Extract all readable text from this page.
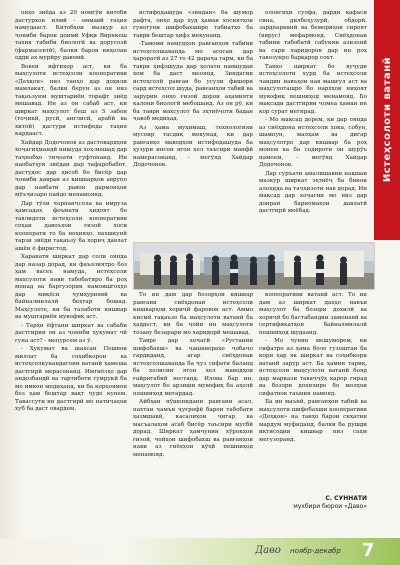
Истеҳсолоти ватанӣ

онҳо зиёда аз 20 номгӯи китоби дастурхон илмӣ - оммавӣ таҳия намудааст. Китобҳои мазкур аз ҷониби барои доимӣ Уфқи Вирнкеш тахия табиби биологӣ ва дорусозӣ (фармасевтӣ), балки барои ниҳолан одди аҳ мурйру давомӣ.

Вовеи ифтихор аст, ки ба маҳсулоти истеҳсоли кооперативи «Дехқон» низ танҳо дар доҳили мамлакат, балки берун аз он низ тақаъзуюи муштариён торафт зиёд мешавад. Ин аз он сабаб аст, ки ширкат маҳсулот беш аз 5 забон (тоҷикӣ, русӣ, англисӣ, арабӣ ва хитоӣ) дастури истифода таҳия кардааст.

Хайдар Додочонов аз дастовардҳои хоҷагиҳмандӣ нишуда хоҳ-мешад дар таҷнобҳо тиҷоати гуфтонанд. Ин наобатҳуи зиёдан дар тафаробабот, дастудос дар ҳисоб бо бисёр дар ҷониби давраи аз кишварҳои аврупо дар навбати равон дармонҳои мӯъҷизаро пайдо менамоянд.

Дар тӯли чорпанҷсола ва имруза ҳамсадаҳ фоъмати ҳидоят бо тавлидоти истеҳсоли кооперативи соҳаи давоъхои ғизоӣ хоси кооперати то ба ноҳияҳо, пахшкунӣ тарзи зиёди тақаъзу ба хориҷ давлат ашён ё фиристод.

Харакати ширкат дар соли оянда дар назар дорад, ки фаъолиятро боз ҳам васеъ намуда, истеҳсоли маҳсулоти нави табобатиро ба роҳ монад ва баргузории намоишгоҳҳо дар миқёси ҷумҳуриявӣ ва байналмилалӣ беҳтар бошад. Маҳсулоте, ки ба талаботи кишвар ва муштариён мувофиқ аст.

- Тарҳи ёфтани ширкат ва сабаби дастгирии он аз ҷониби ҳукумат чӣ гуна аст? - мепурсем аз ӯ.

- Ҳукумат ва шахсан Пешвои миллат ба соҳибкорон ва истеҳсолкунандагони ватанӣ ҳамеша дастгирӣ мерасонанд. Имтиёзҳо дар андозбандӣ ва тартиботи гумрукӣ ба мо имкон медиҳанд, ки ба корҳоямон боз ҳам бештар вақт ҷудо кунем. Тавассути ин дастгирӣ мо натиҷаҳои хуб ба даст овардем.

истифодашуда «зиндаи» ба шумор рафта, онҳо дар худ ҳамаи хосиятҳои гуногуни шифобахширо табиатҳо ба таври бештар ҳифз мекунанд.

-Тамоми намудҳои равғанҳои табиии истеҳсолшаванда мо асосан дар ҳароратӣ аз 27 то 42 дараҷа гарм, ки ба таври ҳифзшуда дар ҳолати навшудаи хом ба даст меоянд. Зиндагии истеҳсолӣ равған бо усули фишори сард истеҳсол шуда, равғанҳои табиӣ ва зарурии онҳо ғизоӣ дорои аҳамияти калони биологӣ мебошанд. Аз он рӯ, ки ба таври маҳсулот ба эҳтиёҷоти бадан ҷавоб медиҳад.

Аз ҳама муҳимаш, технологияи мусоир тасдиқ мекунад, ки дар равғанҳо маводҳои истифодашуда ба ҳузури инсон ягон хел таъсири манфӣ намерасонанд, - мегӯяд Хайдар Додочонов.

олонгиҳи сулфа, дарди қафаси сина, дилбеҳузурӣ, обдорӣ, зардпарвинӣ ва бемориҳои сироят (вирус) мефармояд. Сиёҳдонаи табиии табобатӣ сабукии азизонӣ ва сари харидорон дар ин роҳ тавозунро барқарор сохт.

Танҳо ширкат бо вуҷуди истеҳсолоти хурд ба истеҳсоли чандин навъҳои нав машғул аст ва маҳсулоташро бо нархҳои ниҳоят мувофиқ пешниҳод менамояд. Бо мақсади дастгирии ҷомеа ҳамаи ин кор сурат мегирад.

- Мо мақсад дорем, ки дар оянда аз сиёҳдона истеҳсоли хока, собун, шампун, малҳам ва дигар маҳсулотро дар кишвар ба роҳ монем ва ба содироти он шурӯъ намоем, - мегӯяд Хайдар Додочонов.

Дар суръати амалишавии нақшаи мазкур ширкат эҳтиёҷ ба бинои алоҳида ва таҷҳизоти нав дорад. Ин мақсад дар хоҷагии мо низ дар доираи барномаҳои давлатӣ дастгирӣ меёбад.

То ин дам дар бозорҳои кишвар равғани сиёҳдонаи истеҳсоли кишварҳои хориҷӣ фаровон аст. Аммо кисмӣ тақаъзо ба маҳсулоти ватанӣ ба ҳаддест, ки ба ҷойи ин маҳсулоти тозаву безарари мо харидорӣ мешавад.

Тавре дар хоҷагӣ «Рустании шифобахш» ва ҷашнвораҳо ҷобаҷо гардиданд, агар сиёҳдонаи истеҳсолшаванда ба ҷуз сифати баланд ба холисии ягон хел маводҳои ғайритабиӣ нестанд. Илова бар ин, маҳсулот бо арзиши мувофиқ ба аҳолӣ пешниҳод мегардад.

Айбҳаи нӯшонидани равғани асал, пахтаи ҷамъи ҷуғрофӣ барои табобати ҳазмшавӣ, касалиҳои ҷигар ва масъалаҳои асаб бисёр таъсири мусбӣ дорад. Ширкат ҳамчунин хӯрокҳои ғизоӣ, чойҳои шифобахш ва равғанҳои нави аз гиёҳҳои кӯҳӣ пешниҳод менамояд.

кооперативи ватанӣ аст. То ин дам аз ширкат даҳҳо навъи маҳсулот ба бозори дохилӣ ва хориҷӣ бо бастабандии замонавӣ ва сертификатҳои байналмилалӣ пешниҳод шудаанд.

- Мо чунин мешуморем, ки сифатро аз ҳама боло гузоштан ба кори ҳар як ширкат ва соҳибкори ватанӣ зарур аст. Ба ҳамин тариқ, истеҳсоли маҳсулоти ватанӣ бояд дар маркази таваҷҷӯҳ қарор гирад ва бозори дохилиро бо молҳои сифатнок таъмин намояд.

Ба ин маънӣ, равғанҳои табиӣ ва маҳсулоти шифобахши кооперативи «Деҳқон» на танҳо барои сиҳатии мардум муфиданд, балки ба рушди иқтисодии кишвар низ саҳм мегузоранд.

С. СУННАТИ
мухбири бюрои «Даво»
Даво ноябр-декабр 7
